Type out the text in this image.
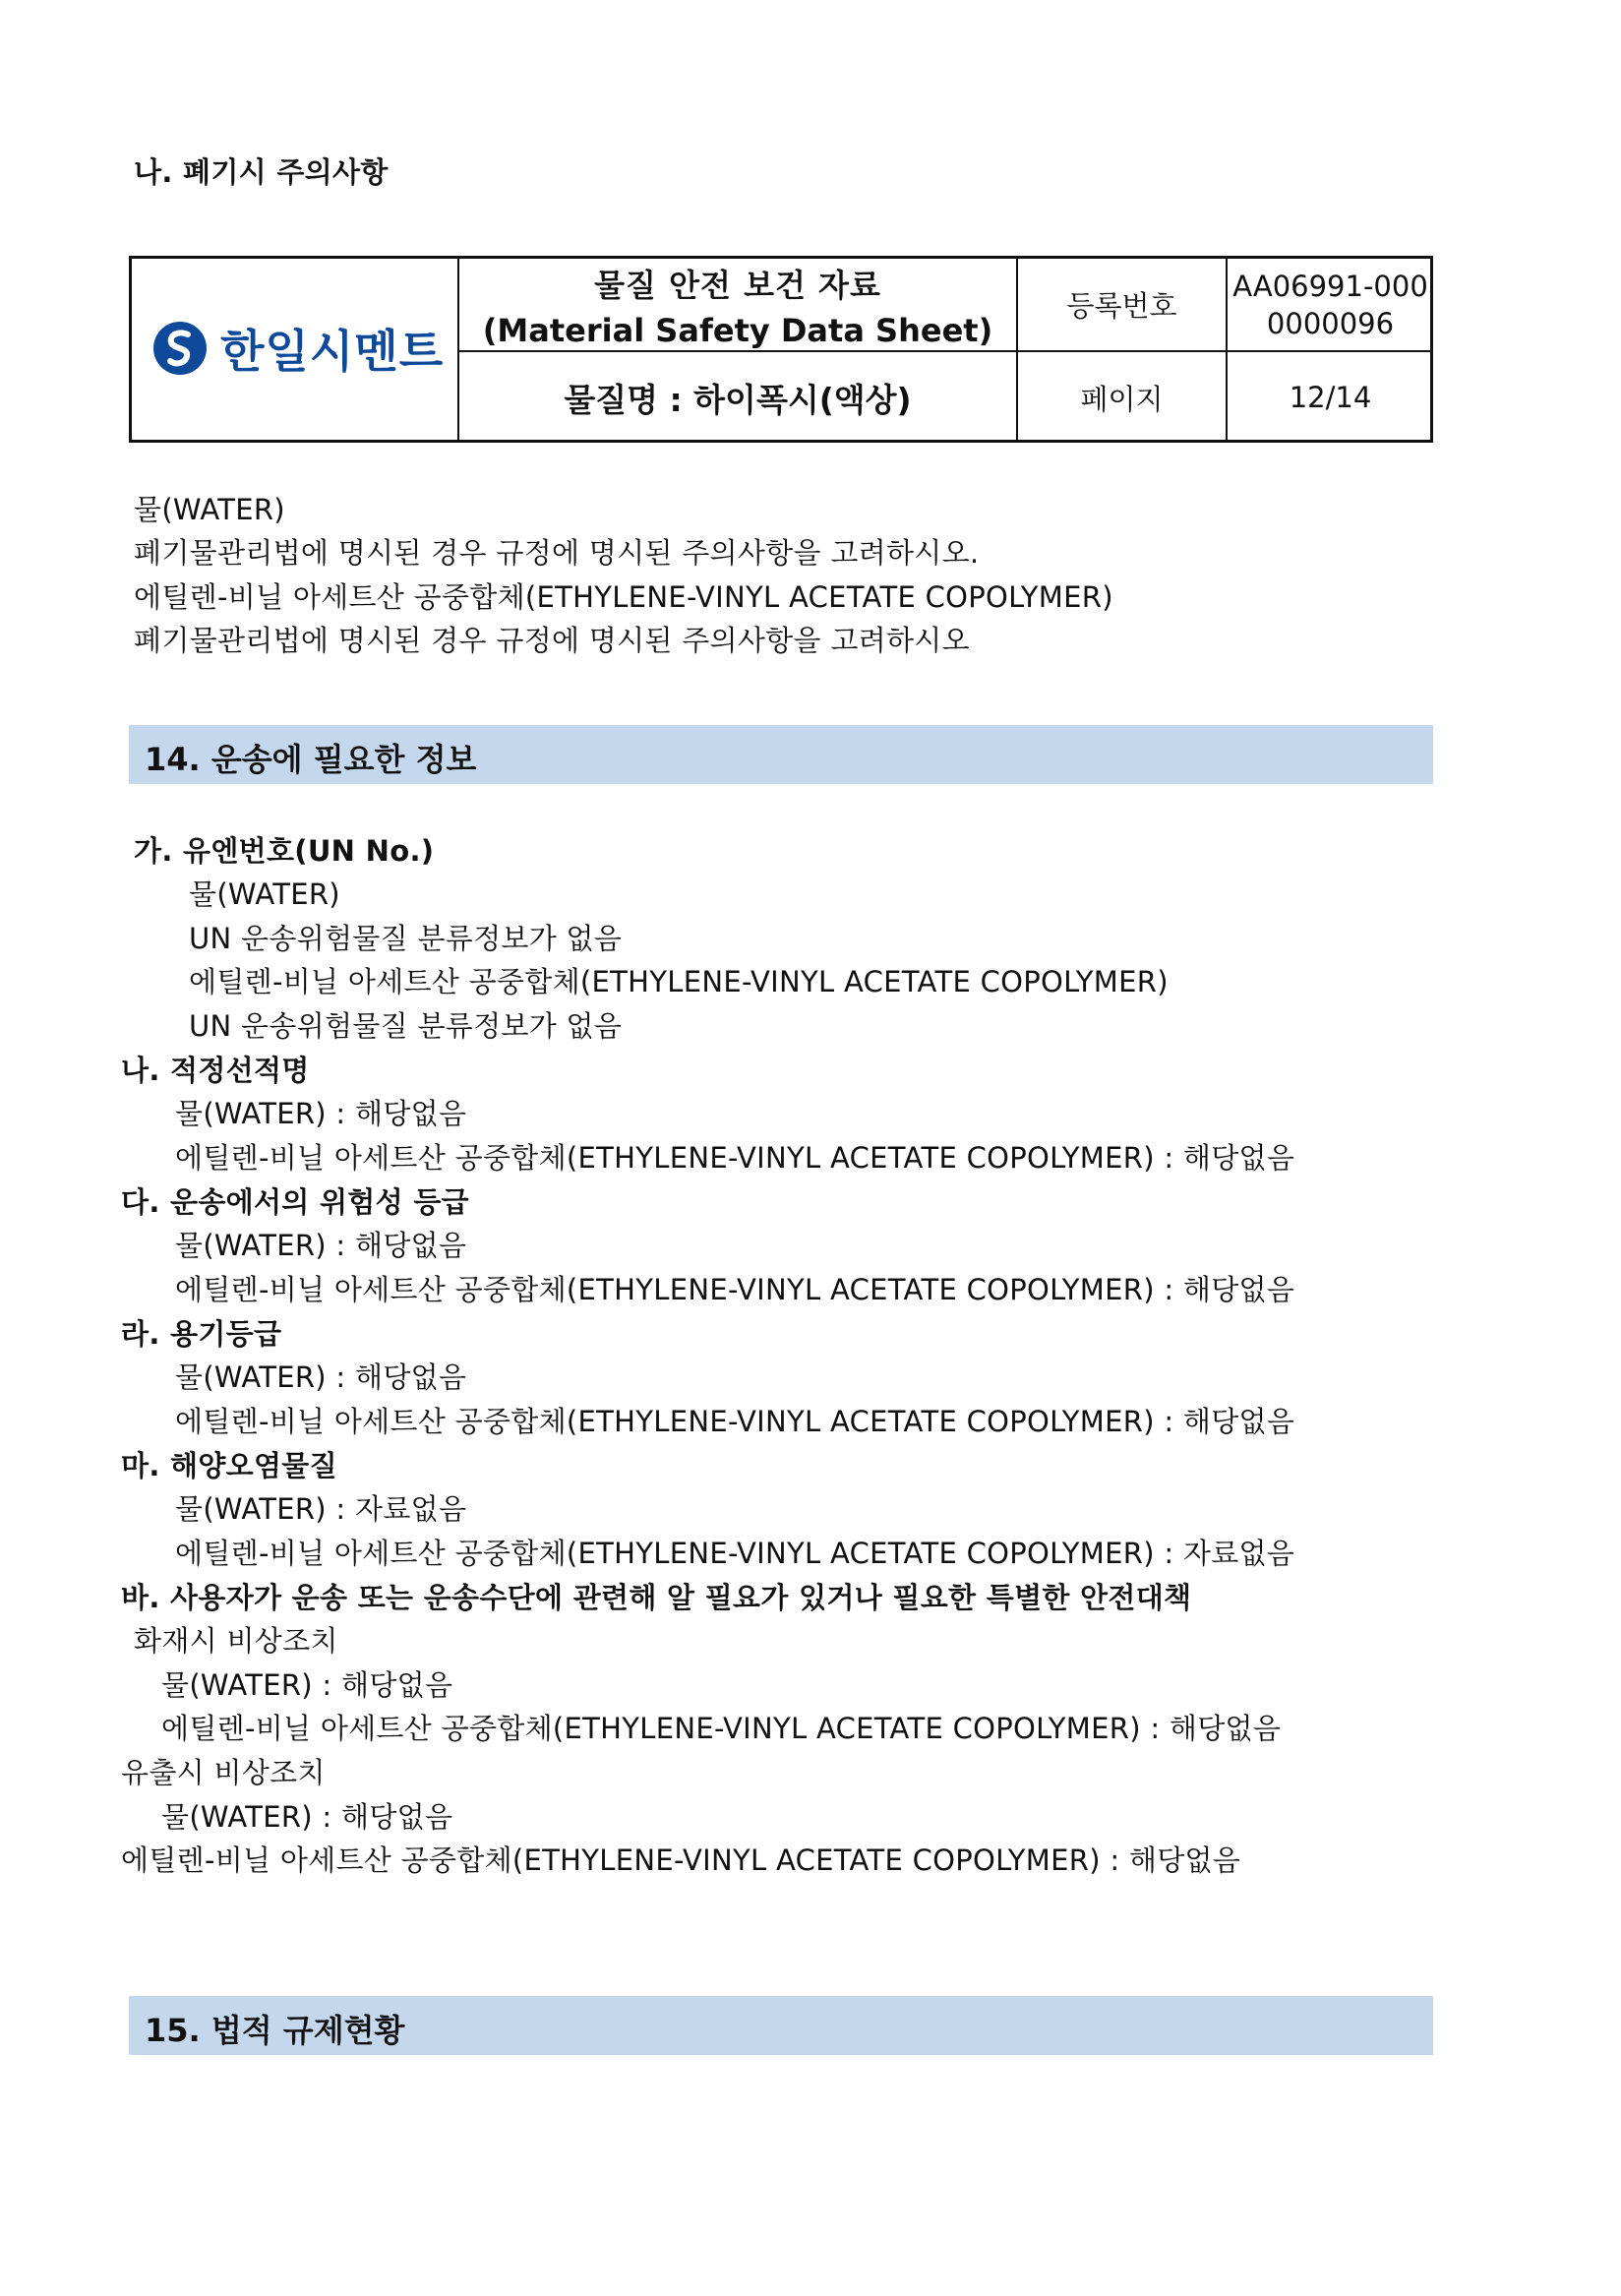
나. 폐기시 주의사항
한일시멘트
물질 안전 보건 자료
(Material Safety Data Sheet)
물질명 : 하이폭시(액상)
등록번호
AA06991-000
0000096
페이지	12/14
물(WATER)
폐기물관리법에 명시된 경우 규정에 명시된 주의사항을 고려하시오.
에틸렌-비닐 아세트산 공중합체(ETHYLENE-VINYL ACETATE COPOLYMER)
폐기물관리법에 명시된 경우 규정에 명시된 주의사항을 고려하시오
14. 운송에 필요한 정보
가. 유엔번호(UN No.)
물(WATER)
UN 운송위험물질 분류정보가 없음
에틸렌-비닐 아세트산 공중합체(ETHYLENE-VINYL ACETATE COPOLYMER)
UN 운송위험물질 분류정보가 없음
나. 적정선적명
물(WATER) : 해당없음
에틸렌-비닐 아세트산 공중합체(ETHYLENE-VINYL ACETATE COPOLYMER) : 해당없음
다. 운송에서의 위험성 등급
물(WATER) : 해당없음
에틸렌-비닐 아세트산 공중합체(ETHYLENE-VINYL ACETATE COPOLYMER) : 해당없음
라. 용기등급
물(WATER) : 해당없음
에틸렌-비닐 아세트산 공중합체(ETHYLENE-VINYL ACETATE COPOLYMER) : 해당없음
마. 해양오염물질
물(WATER) : 자료없음
에틸렌-비닐 아세트산 공중합체(ETHYLENE-VINYL ACETATE COPOLYMER) : 자료없음
바. 사용자가 운송 또는 운송수단에 관련해 알 필요가 있거나 필요한 특별한 안전대책
화재시 비상조치
물(WATER) : 해당없음
에틸렌-비닐 아세트산 공중합체(ETHYLENE-VINYL ACETATE COPOLYMER) : 해당없음
유출시 비상조치
물(WATER) : 해당없음
에틸렌-비닐 아세트산 공중합체(ETHYLENE-VINYL ACETATE COPOLYMER) : 해당없음
15. 법적 규제현황
